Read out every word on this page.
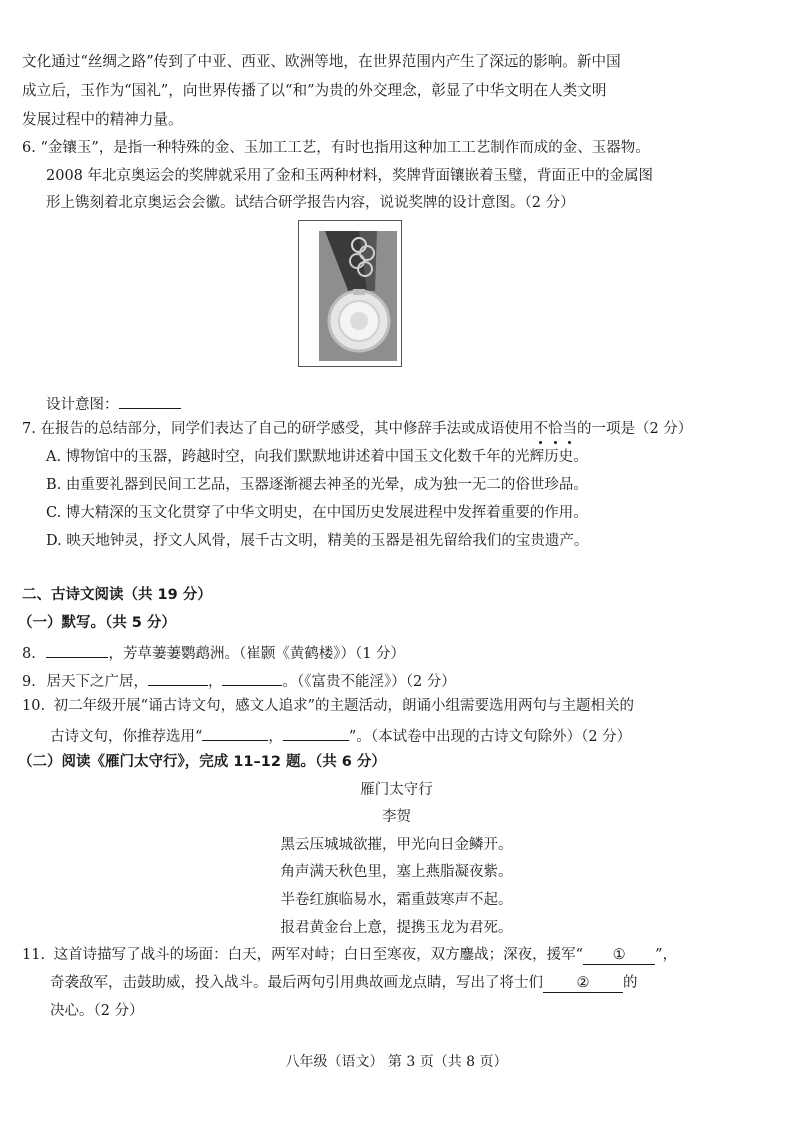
文化通过“丝绸之路”传到了中亚、西亚、欧洲等地，在世界范围内产生了深远的影响。新中国
成立后，玉作为“国礼”，向世界传播了以“和”为贵的外交理念，彰显了中华文明在人类文明
发展过程中的精神力量。
6. “金镶玉”，是指一种特殊的金、玉加工工艺，有时也指用这种加工工艺制作而成的金、玉器物。
2008 年北京奥运会的奖牌就采用了金和玉两种材料，奖牌背面镶嵌着玉璧，背面正中的金属图
形上镌刻着北京奥运会会徽。试结合研学报告内容，说说奖牌的设计意图。（2 分）
设计意图：
7. 在报告的总结部分，同学们表达了自己的研学感受，其中修辞手法或成语使用不恰当的一项是（2 分）
A. 博物馆中的玉器，跨越时空，向我们默默地讲述着中国玉文化数千年的光辉历史。
B. 由重要礼器到民间工艺品，玉器逐渐褪去神圣的光晕，成为独一无二的俗世珍品。
C. 博大精深的玉文化贯穿了中华文明史，在中国历史发展进程中发挥着重要的作用。
D. 映天地钟灵，抒文人风骨，展千古文明，精美的玉器是祖先留给我们的宝贵遗产。
二、古诗文阅读（共 19 分）
（一）默写。（共 5 分）
8.	，芳草萋萋鹦鹉洲。（崔颢《黄鹤楼》）（1 分）
9. 居天下之广居，	，	。（《富贵不能淫》）（2 分）
10. 初二年级开展“诵古诗文句，感文人追求”的主题活动，朗诵小组需要选用两句与主题相关的
古诗文句，你推荐选用“	，	”。（本试卷中出现的古诗文句除外）（2 分）
（二）阅读《雁门太守行》，完成 11–12 题。（共 6 分）
雁门太守行
李贺
黑云压城城欲摧，甲光向日金鳞开。
角声满天秋色里，塞上燕脂凝夜紫。
半卷红旗临易水，霜重鼓寒声不起。
报君黄金台上意，提携玉龙为君死。
11. 这首诗描写了战斗的场面：白天，两军对峙；白日至寒夜，双方鏖战；深夜，援军“ ① ”，
奇袭敌军，击鼓助威，投入战斗。最后两句引用典故画龙点睛，写出了将士们 ② 的
决心。（2 分）
八年级（语文） 第 3 页（共 8 页）
